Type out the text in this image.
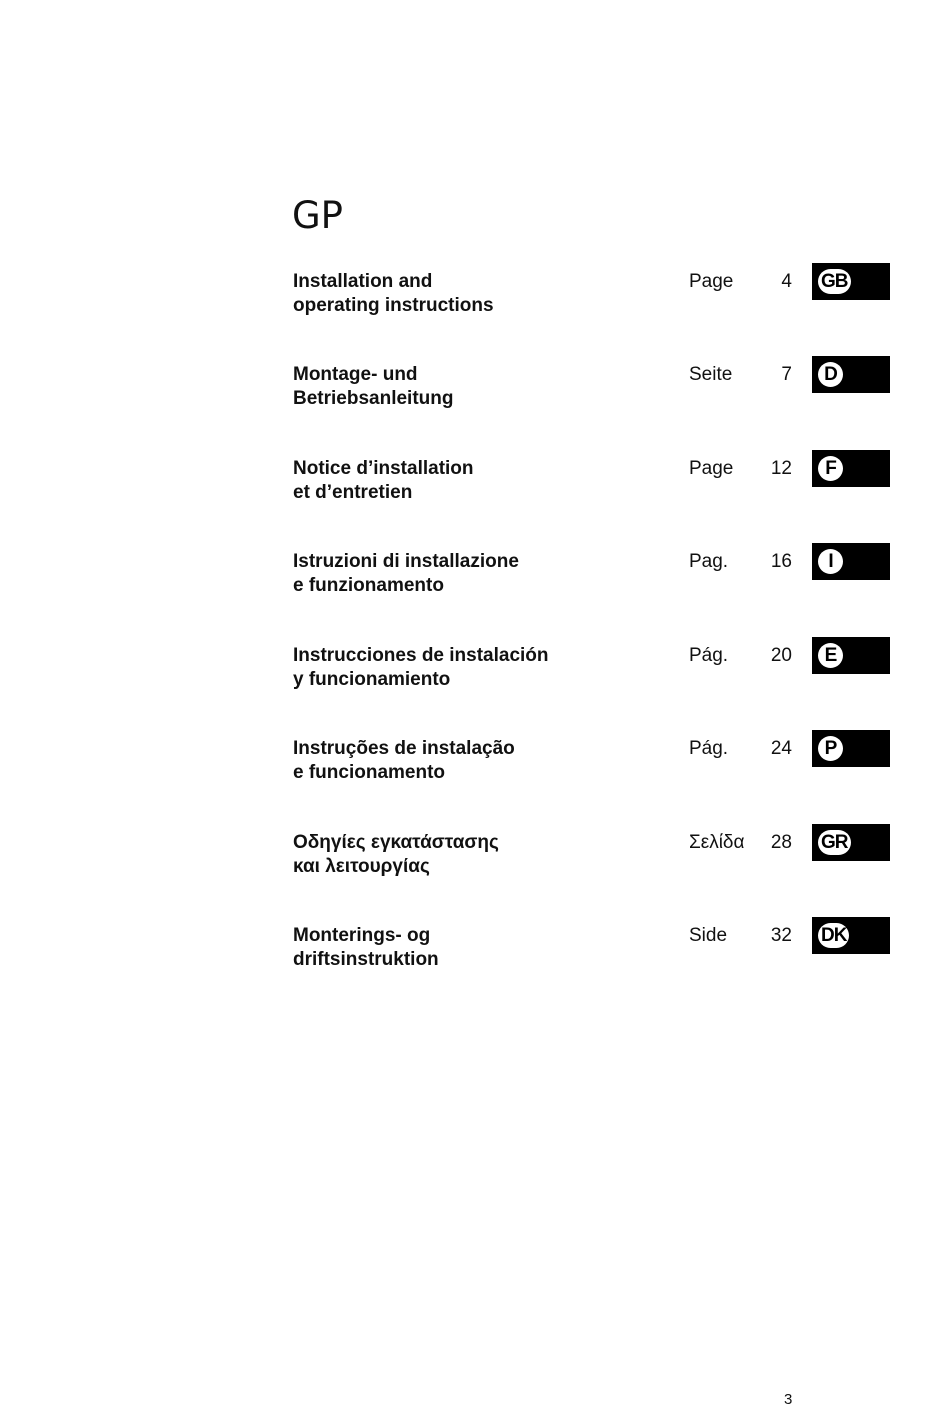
GP
Installation and
operating instructions
Page	4 GB
Montage- und
Betriebsanleitung
Seite	7	D
Notice d’installation
et d’entretien
Page	12	F
Istruzioni di installazione
e funzionamento
Pag.	16	I
Instrucciones de instalación
y funcionamiento
Pág.	20	E
Instruções de instalação
e funcionamento
Pág.	24	P
Οδηγίες εγκατάστασης
και λειτουργίας
Σελίδα	28 GR
Monterings- og
driftsinstruktion
Side	32 DK
3
